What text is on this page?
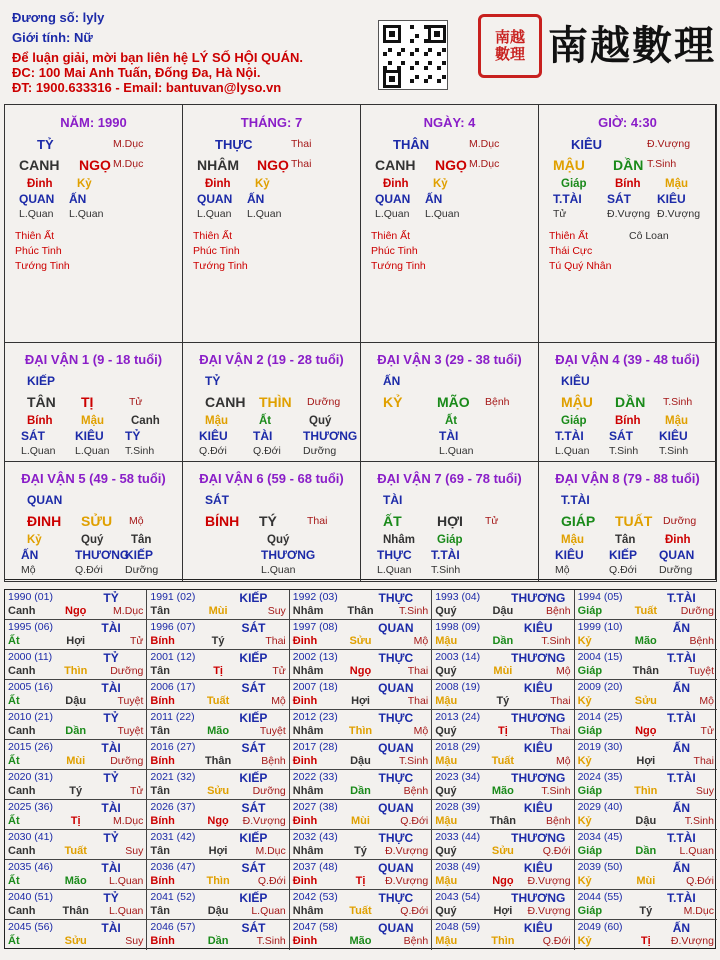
Đương số: lyly
Giới tính: Nữ
Để luận giải, mời bạn liên hệ LÝ SỐ HỘI QUÁN.
ĐC: 100 Mai Anh Tuấn, Đống Đa, Hà Nội.
ĐT: 1900.633316 - Email: bantuvan@lyso.vn
南越
數理 南越數理
NĂM: 1990
TỶ	M.Dục
CANH NGỌ M.Dục
Đinh
QUAN
L.Quan
Kỷ
ẤN
L.Quan
Thiên Ất
Phúc Tinh
Tướng Tinh
THÁNG: 7
THỰC	Thai
NHÂM NGỌ Thai
Đinh
QUAN
L.Quan
Kỷ
ẤN
L.Quan
Thiên Ất
Phúc Tinh
Tướng Tinh
NGÀY: 4
THÂN	M.Dục
CANH NGỌ M.Dục
Đinh
QUAN
L.Quan
Kỷ
ẤN
L.Quan
Thiên Ất
Phúc Tinh
Tướng Tinh
GIỜ: 4:30
KIÊU	Đ.Vượng
MẬU DẦN T.Sinh
Giáp
T.TÀI
Tử
Bính
SÁT
Đ.Vượng
Mậu
KIÊU
Đ.Vượng
Thiên Ất
Thái Cực
Tú Quý Nhân
Cô Loan
ĐẠI VẬN 1 (9 - 18 tuổi)
KIẾP
TÂN TỊ	Tử
Bính
SÁT
L.Quan
Mậu
KIÊU
L.Quan
Canh
TỶ
T.Sinh
ĐẠI VẬN 2 (19 - 28 tuổi)
TỶ
CANH THÌN Dưỡng
Mậu
KIÊU
Q.Đới
Ất
TÀI
Q.Đới
Quý
THƯƠNG
Dưỡng
ĐẠI VẬN 3 (29 - 38 tuổi)
ẤN
KỶ MÃO Bệnh
Ất
TÀI
L.Quan
ĐẠI VẬN 4 (39 - 48 tuổi)
KIÊU
MẬU DẦN T.Sinh
Giáp
T.TÀI
L.Quan
Bính
SÁT
T.Sinh
Mậu
KIÊU
T.Sinh
ĐẠI VẬN 5 (49 - 58 tuổi)
QUAN
ĐINH SỬU Mộ
Kỷ
ẤN
Mộ
Quý
THƯƠNG
Q.Đới
Tân
KIẾP
Dưỡng
ĐẠI VẬN 6 (59 - 68 tuổi)
SÁT
BÍNH TÝ	Thai
Quý
THƯƠNG
L.Quan
ĐẠI VẬN 7 (69 - 78 tuổi)
TÀI
ẤT	HỢI Tử
Nhâm
THỰC
L.Quan
Giáp
T.TÀI
T.Sinh
ĐẠI VẬN 8 (79 - 88 tuổi)
T.TÀI
GIÁP TUẤT Dưỡng
Mậu
KIÊU
Mộ
Tân
KIẾP
Q.Đới
Đinh
QUAN
Dưỡng
1990 (01)	TỶ
Canh	Ngọ	M.Dục
1991 (02)	KIẾP
Tân	Mùi	Suy
1992 (03)	THỰC
Nhâm	Thân	T.Sinh
1993 (04)	THƯƠNG
Quý	Dậu	Bệnh
1994 (05)	T.TÀI
Giáp	Tuất	Dưỡng
1995 (06)	TÀI
Ất	Hợi	Tử
1996 (07)	SÁT
Bính	Tý	Thai
1997 (08)	QUAN
Đinh	Sửu	Mộ
1998 (09)	KIÊU
Mậu	Dần	T.Sinh
1999 (10)	ẤN
Kỷ	Mão	Bệnh
2000 (11)	TỶ
Canh	Thìn	Dưỡng
2001 (12)	KIẾP
Tân	Tị	Tử
2002 (13)	THỰC
Nhâm	Ngọ	Thai
2003 (14)	THƯƠNG
Quý	Mùi	Mộ
2004 (15)	T.TÀI
Giáp	Thân	Tuyệt
2005 (16)	TÀI
Ất	Dậu	Tuyệt
2006 (17)	SÁT
Bính	Tuất	Mộ
2007 (18)	QUAN
Đinh	Hợi	Thai
2008 (19)	KIÊU
Mậu	Tý	Thai
2009 (20)	ẤN
Kỷ	Sửu	Mộ
2010 (21)	TỶ
Canh	Dần	Tuyệt
2011 (22)	KIẾP
Tân	Mão	Tuyệt
2012 (23)	THỰC
Nhâm	Thìn	Mộ
2013 (24)	THƯƠNG
Quý	Tị	Thai
2014 (25)	T.TÀI
Giáp	Ngọ	Tử
2015 (26)	TÀI
Ất	Mùi	Dưỡng
2016 (27)	SÁT
Bính	Thân	Bệnh
2017 (28)	QUAN
Đinh	Dậu	T.Sinh
2018 (29)	KIÊU
Mậu	Tuất	Mộ
2019 (30)	ẤN
Kỷ	Hợi	Thai
2020 (31)	TỶ
Canh	Tý	Tử
2021 (32)	KIẾP
Tân	Sửu	Dưỡng
2022 (33)	THỰC
Nhâm	Dần	Bệnh
2023 (34)	THƯƠNG
Quý	Mão	T.Sinh
2024 (35)	T.TÀI
Giáp	Thìn	Suy
2025 (36)	TÀI
Ất	Tị	M.Dục
2026 (37)	SÁT
Bính	Ngọ	Đ.Vượng
2027 (38)	QUAN
Đinh	Mùi	Q.Đới
2028 (39)	KIÊU
Mậu	Thân	Bệnh
2029 (40)	ẤN
Kỷ	Dậu	T.Sinh
2030 (41)	TỶ
Canh	Tuất	Suy
2031 (42)	KIẾP
Tân	Hợi	M.Dục
2032 (43)	THỰC
Nhâm	Tý	Đ.Vượng
2033 (44)	THƯƠNG
Quý	Sửu	Q.Đới
2034 (45)	T.TÀI
Giáp	Dần	L.Quan
2035 (46)	TÀI
Ất	Mão	L.Quan
2036 (47)	SÁT
Bính	Thìn	Q.Đới
2037 (48)	QUAN
Đinh	Tị	Đ.Vượng
2038 (49)	KIÊU
Mậu	Ngọ	Đ.Vượng
2039 (50)	ẤN
Kỷ	Mùi	Q.Đới
2040 (51)	TỶ
Canh	Thân	L.Quan
2041 (52)	KIẾP
Tân	Dậu	L.Quan
2042 (53)	THỰC
Nhâm	Tuất	Q.Đới
2043 (54)	THƯƠNG
Quý	Hợi	Đ.Vượng
2044 (55)	T.TÀI
Giáp	Tý	M.Dục
2045 (56)	TÀI
Ất	Sửu	Suy
2046 (57)	SÁT
Bính	Dần	T.Sinh
2047 (58)	QUAN
Đinh	Mão	Bệnh
2048 (59)	KIÊU
Mậu	Thìn	Q.Đới
2049 (60)	ẤN
Kỷ	Tị	Đ.Vượng
